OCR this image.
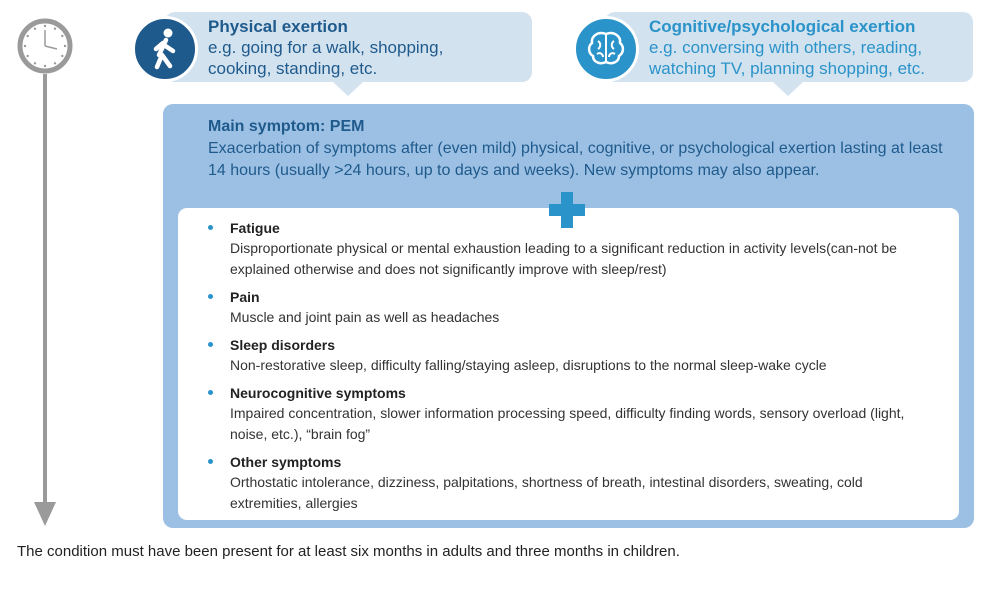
Physical exertion
e.g. going for a walk, shopping,
cooking, standing, etc.
Cognitive/psychological exertion
e.g. conversing with others, reading,
watching TV, planning shopping, etc.
Main symptom: PEM
Exacerbation of symptoms after (even mild) physical, cognitive, or psychological exertion lasting at least 14 hours (usually >24 hours, up to days and weeks). New symptoms may also appear.
Fatigue
Disproportionate physical or mental exhaustion leading to a significant reduction in activity levels(can-not be explained otherwise and does not significantly improve with sleep/rest)
Pain
Muscle and joint pain as well as headaches
Sleep disorders
Non-restorative sleep, difficulty falling/staying asleep, disruptions to the normal sleep-wake cycle
Neurocognitive symptoms
Impaired concentration, slower information processing speed, difficulty finding words, sensory overload (light, noise, etc.), “brain fog”
Other symptoms
Orthostatic intolerance, dizziness, palpitations, shortness of breath, intestinal disorders, sweating, cold extremities, allergies
The condition must have been present for at least six months in adults and three months in children.
